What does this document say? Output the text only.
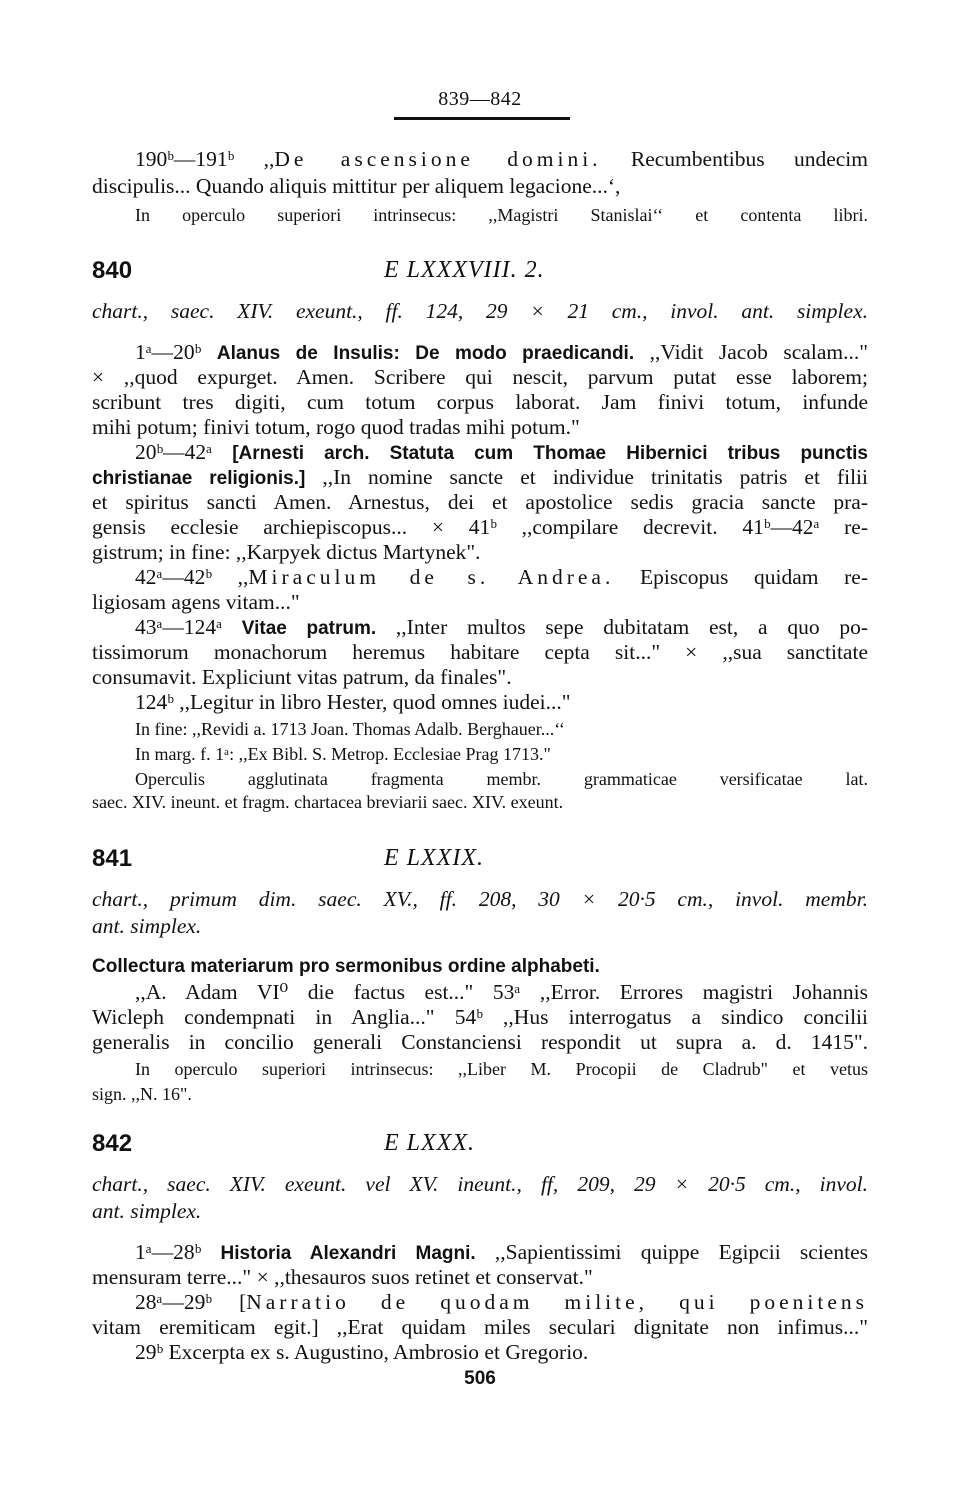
839—842
190ᵇ—191ᵇ ,,De ascensione domini. Recumbentibus undecim
discipulis... Quando aliquis mittitur per aliquem legacione...‘,
In operculo superiori intrinsecus: ,,Magistri Stanislai‘‘ et contenta libri.
840	E LXXXVIII. 2.
chart., saec. XIV. exeunt., ff. 124, 29 × 21 cm., invol. ant. simplex.
1ᵃ—20ᵇ Alanus de Insulis: De modo praedicandi. ,,Vidit Jacob scalam..."
× ,,quod expurget. Amen. Scribere qui nescit, parvum putat esse laborem;
scribunt tres digiti, cum totum corpus laborat. Jam finivi totum, infunde
mihi potum; finivi totum, rogo quod tradas mihi potum."
20ᵇ—42ᵃ [Arnesti arch. Statuta cum Thomae Hibernici tribus punctis
christianae religionis.] ,,In nomine sancte et individue trinitatis patris et filii
et spiritus sancti Amen. Arnestus, dei et apostolice sedis gracia sancte pra-
gensis ecclesie archiepiscopus... × 41ᵇ ,,compilare decrevit. 41ᵇ—42ᵃ re-
gistrum; in fine: ,,Karpyek dictus Martynek".
42ᵃ—42ᵇ ,,Miraculum de s. Andrea. Episcopus quidam re-
ligiosam agens vitam..."
43ᵃ—124ᵃ Vitae patrum. ,,Inter multos sepe dubitatam est, a quo po-
tissimorum monachorum heremus habitare cepta sit..." × ,,sua sanctitate
consumavit. Expliciunt vitas patrum, da finales".
124ᵇ ,,Legitur in libro Hester, quod omnes iudei..."
In fine: ,,Revidi a. 1713 Joan. Thomas Adalb. Berghauer...‘‘
In marg. f. 1ᵃ: ,,Ex Bibl. S. Metrop. Ecclesiae Prag 1713."
Operculis agglutinata fragmenta membr. grammaticae versificatae lat.
saec. XIV. ineunt. et fragm. chartacea breviarii saec. XIV. exeunt.
841	E LXXIX.
chart., primum dim. saec. XV., ff. 208, 30 × 20·5 cm., invol. membr.
ant. simplex.
Collectura materiarum pro sermonibus ordine alphabeti.
,,A. Adam VI⁰ die factus est..." 53ᵃ ,,Error. Errores magistri Johannis
Wicleph condempnati in Anglia..." 54ᵇ ,,Hus interrogatus a sindico concilii
generalis in concilio generali Constanciensi respondit ut supra a. d. 1415".
In operculo superiori intrinsecus: ,,Liber M. Procopii de Cladrub" et vetus
sign. ,,N. 16".
842	E LXXX.
chart., saec. XIV. exeunt. vel XV. ineunt., ff, 209, 29 × 20·5 cm., invol.
ant. simplex.
1ᵃ—28ᵇ Historia Alexandri Magni. ,,Sapientissimi quippe Egipcii scientes
mensuram terre..." × ,,thesauros suos retinet et conservat."
28ᵃ—29ᵇ [Narratio de quodam milite, qui poenitens
vitam eremiticam egit.] ,,Erat quidam miles seculari dignitate non infimus..."
29ᵇ Excerpta ex s. Augustino, Ambrosio et Gregorio.
506
